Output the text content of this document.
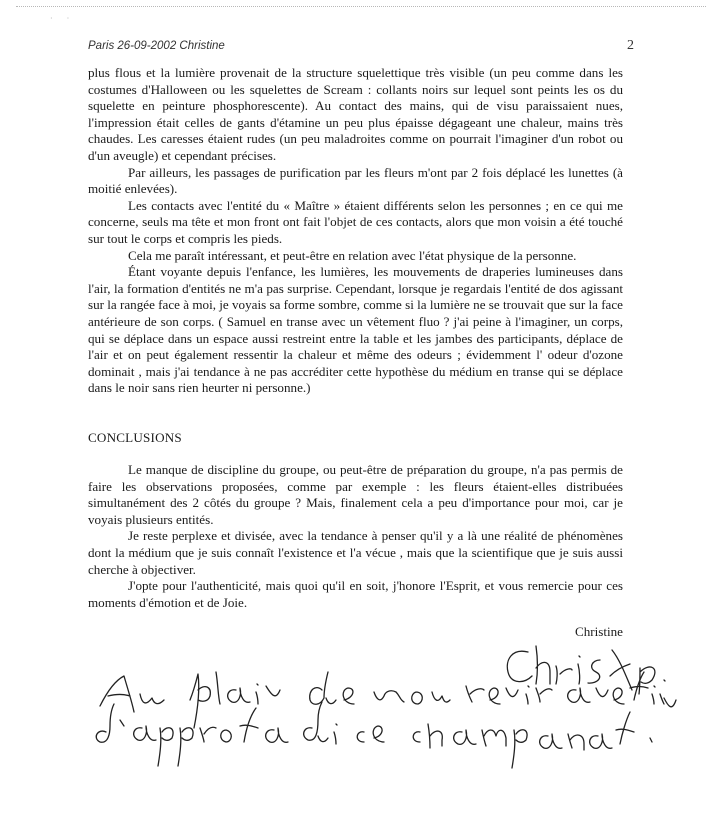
· ·
Paris 26-09-2002 Christine	2

plus flous et la lumière provenait de la structure squelettique très visible (un peu comme dans les costumes d'Halloween ou les squelettes de Scream : collants noirs sur lequel sont peints les os du squelette en peinture phosphorescente). Au contact des mains, qui de visu paraissaient nues, l'impression était celles de gants d'étamine un peu plus épaisse dégageant une chaleur, mains très chaudes. Les caresses étaient rudes (un peu maladroites comme on pourrait l'imaginer d'un robot ou d'un aveugle) et cependant précises.

Par ailleurs, les passages de purification par les fleurs m'ont par 2 fois déplacé les lunettes (à moitié enlevées).

Les contacts avec l'entité du « Maître » étaient différents selon les personnes ; en ce qui me concerne, seuls ma tête et mon front ont fait l'objet de ces contacts, alors que mon voisin a été touché sur tout le corps et compris les pieds.

Cela me paraît intéressant, et peut-être en relation avec l'état physique de la personne.

Étant voyante depuis l'enfance, les lumières, les mouvements de draperies lumineuses dans l'air, la formation d'entités ne m'a pas surprise. Cependant, lorsque je regardais l'entité de dos agissant sur la rangée face à moi, je voyais sa forme sombre, comme si la lumière ne se trouvait que sur la face antérieure de son corps. ( Samuel en transe avec un vêtement fluo ? j'ai peine à l'imaginer, un corps, qui se déplace dans un espace aussi restreint entre la table et les jambes des participants, déplace de l'air et on peut également ressentir la chaleur et même des odeurs ; évidemment l' odeur d'ozone dominait , mais j'ai tendance à ne pas accréditer cette hypothèse du médium en transe qui se déplace dans le noir sans rien heurter ni personne.)

CONCLUSIONS

Le manque de discipline du groupe, ou peut-être de préparation du groupe, n'a pas permis de faire les observations proposées, comme par exemple : les fleurs étaient-elles distribuées simultanément des 2 côtés du groupe ? Mais, finalement cela a peu d'importance pour moi, car je voyais plusieurs entités.

Je reste perplexe et divisée, avec la tendance à penser qu'il y a là une réalité de phénomènes dont la médium que je suis connaît l'existence et l'a vécue , mais que la scientifique que je suis aussi cherche à objectiver.

J'opte pour l'authenticité, mais quoi qu'il en soit, j'honore l'Esprit, et vous remercie pour ces moments d'émotion et de Joie.

Christine
